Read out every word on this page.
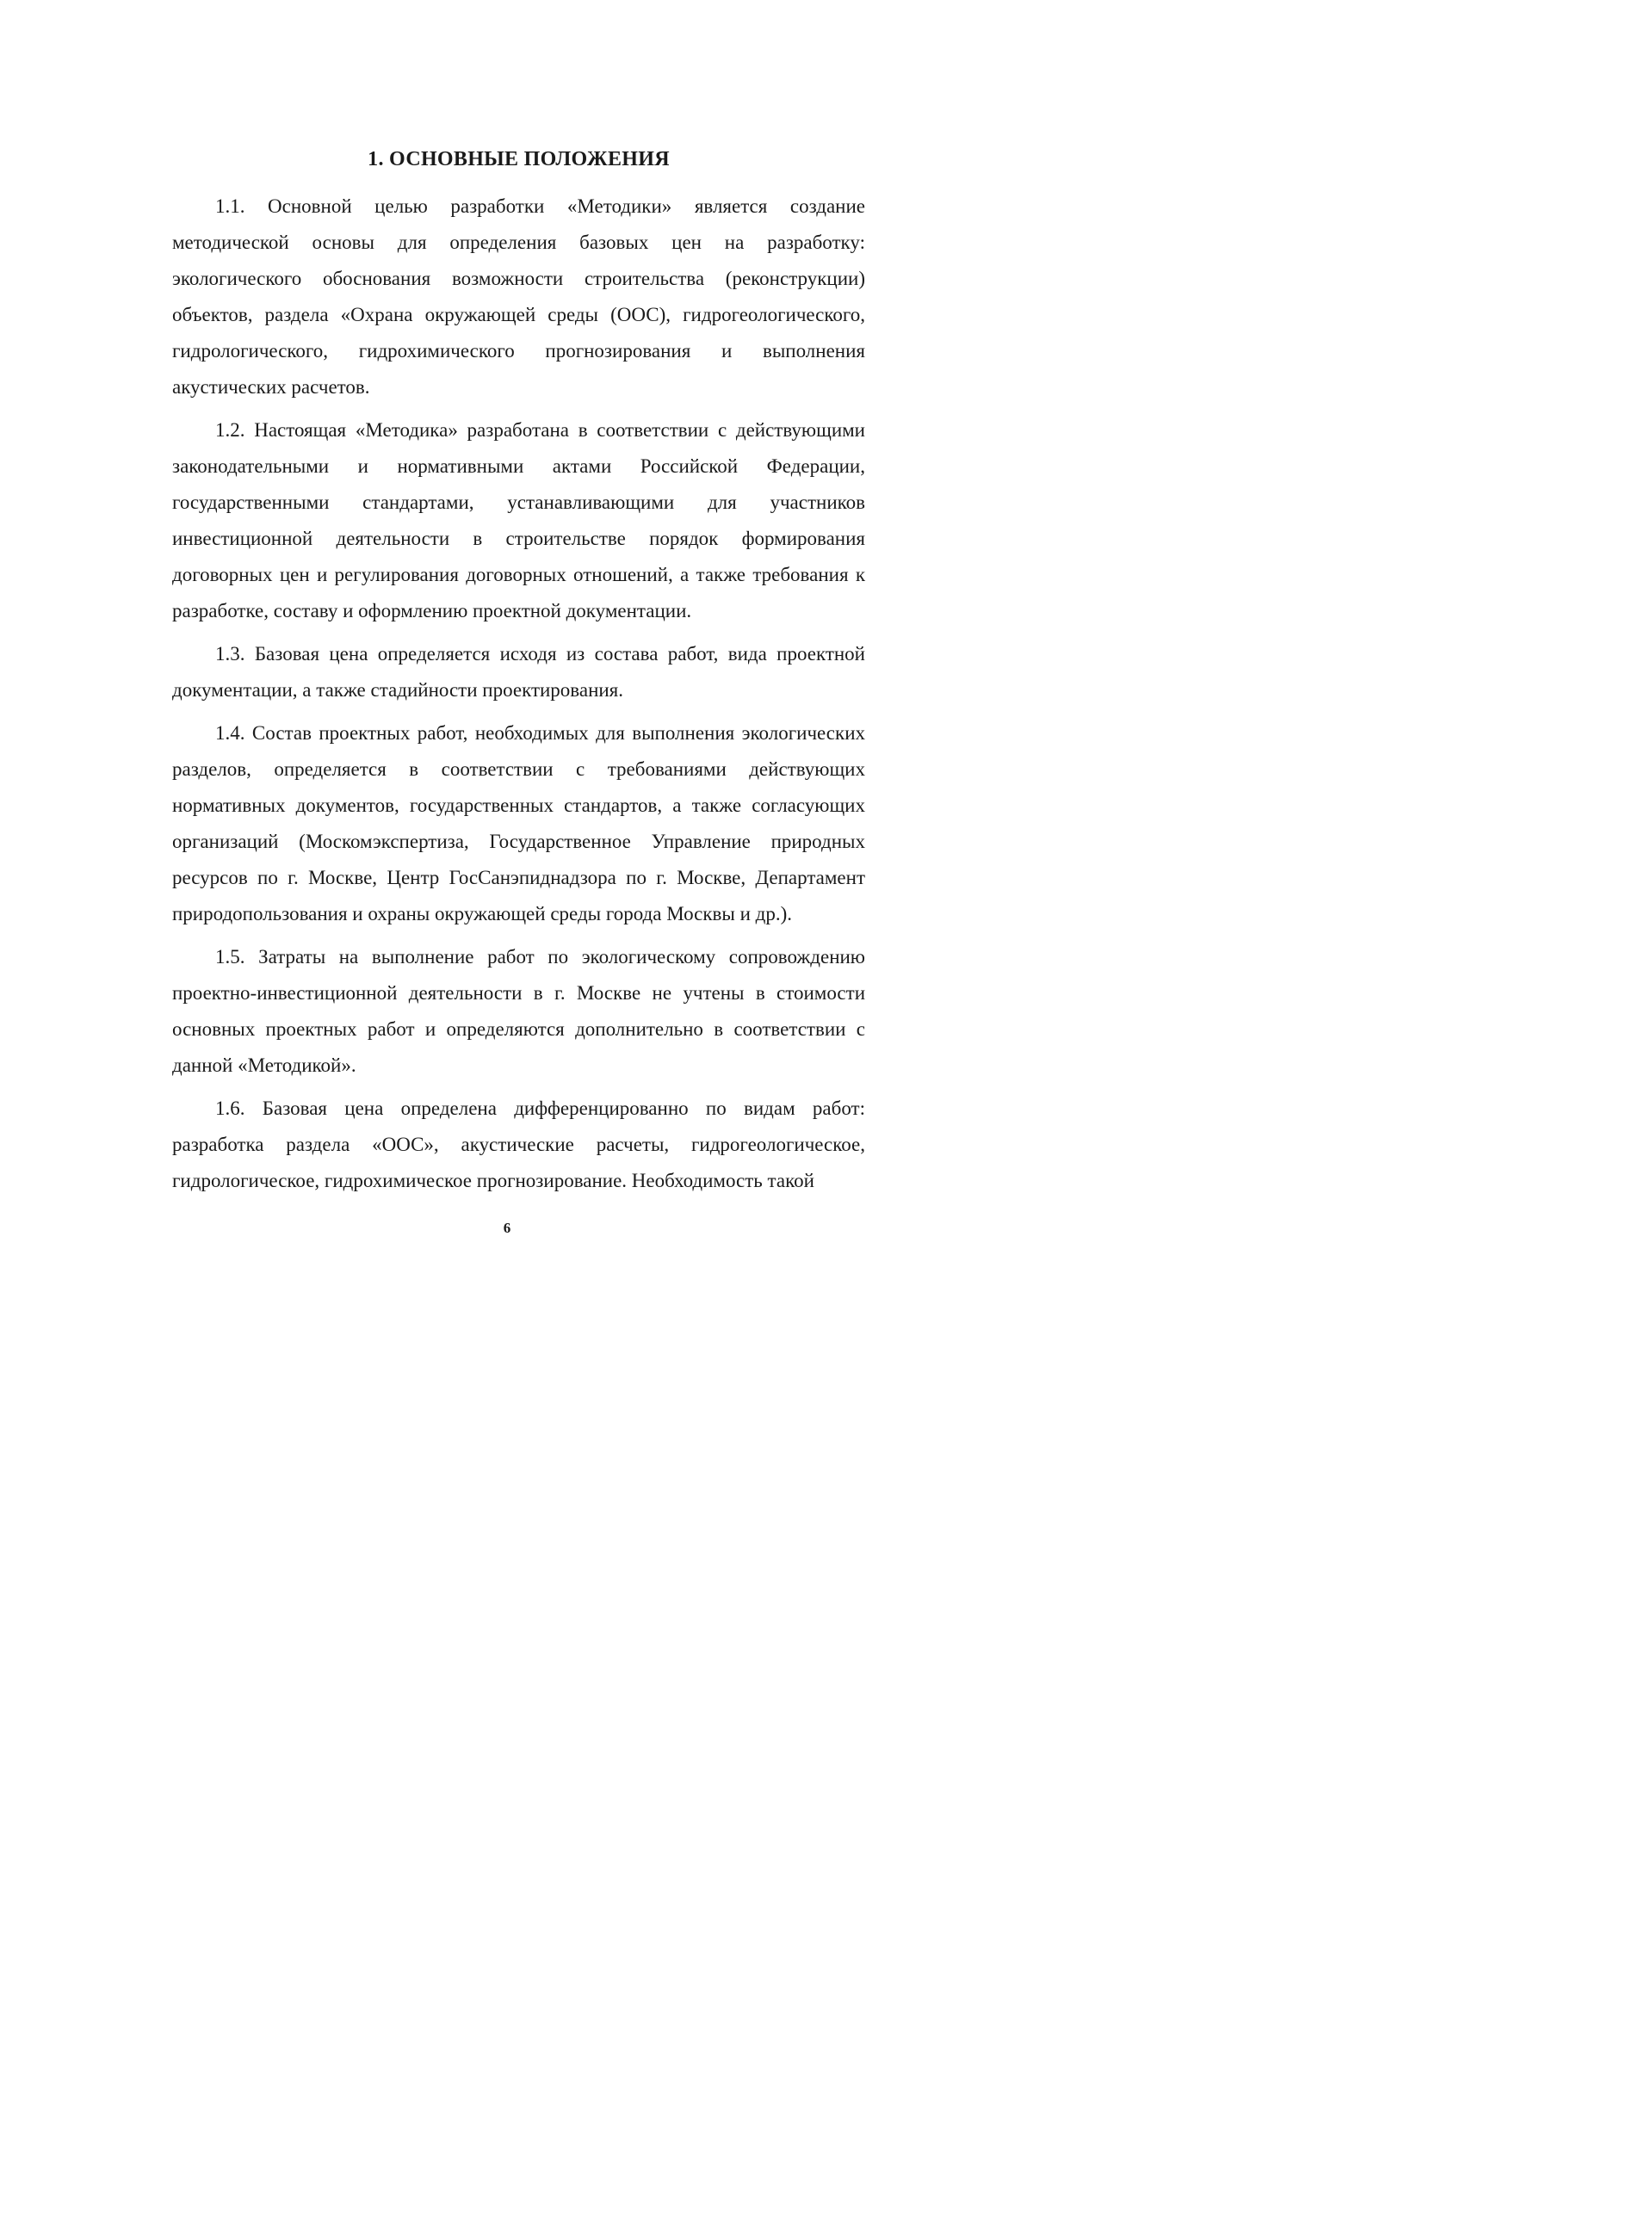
1. ОСНОВНЫЕ ПОЛОЖЕНИЯ

1.1. Основной целью разработки «Методики» является создание методической основы для определения базовых цен на разработку: экологического обоснования возможности строительства (реконструкции) объектов, раздела «Охрана окружающей среды (ООС), гидрогеологического, гидрологического, гидрохимического прогнозирования и выполнения акустических расчетов.

1.2. Настоящая «Методика» разработана в соответствии с действующими законодательными и нормативными актами Российской Федерации, государственными стандартами, устанавливающими для участников инвестиционной деятельности в строительстве порядок формирования договорных цен и регулирования договорных отношений, а также требования к разработке, составу и оформлению проектной документации.

1.3. Базовая цена определяется исходя из состава работ, вида проектной документации, а также стадийности проектирования.

1.4. Состав проектных работ, необходимых для выполнения экологических разделов, определяется в соответствии с требованиями действующих нормативных документов, государственных стандартов, а также согласующих организаций (Москомэкспертиза, Государственное Управление природных ресурсов по г. Москве, Центр ГосСанэпиднадзора по г. Москве, Департамент природопользования и охраны окружающей среды города Москвы и др.).

1.5. Затраты на выполнение работ по экологическому сопровождению проектно-инвестиционной деятельности в г. Москве не учтены в стоимости основных проектных работ и определяются дополнительно в соответствии с данной «Методикой».

1.6. Базовая цена определена дифференцированно по видам работ: разработка раздела «ООС», акустические расчеты, гидрогеологическое, гидрологическое, гидрохимическое прогнозирование. Необходимость такой

6
